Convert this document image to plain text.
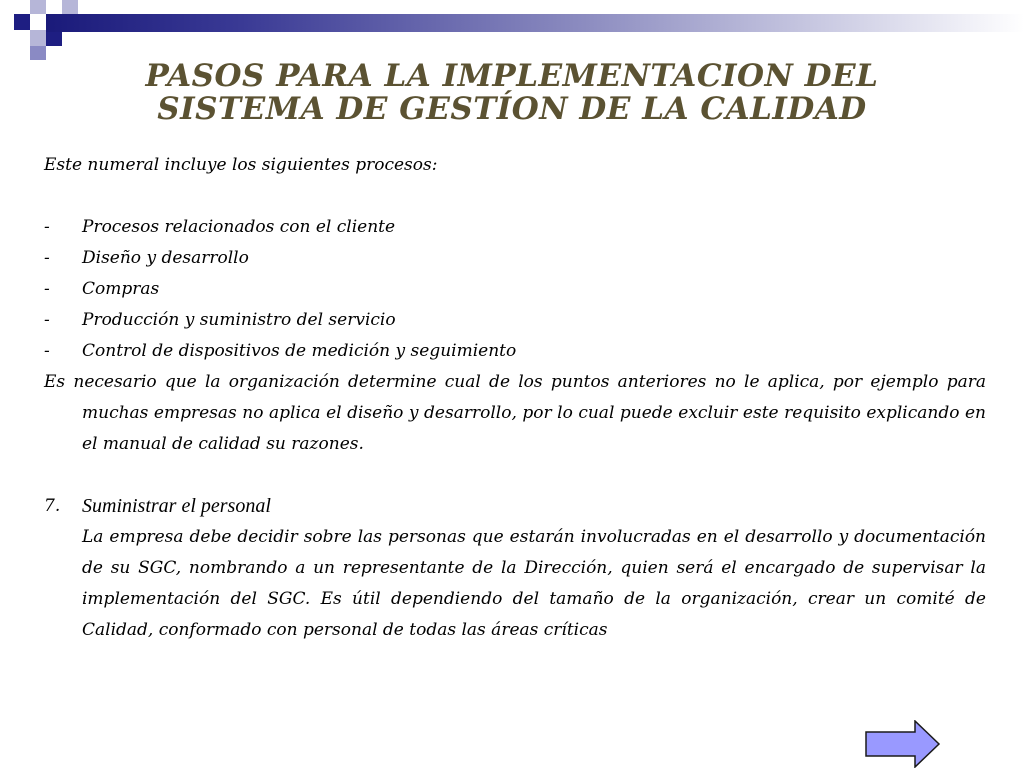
PASOS PARA LA IMPLEMENTACION DEL
SISTEMA DE GESTÍON DE LA CALIDAD

Este numeral incluye los siguientes procesos:

-	Procesos relacionados con el cliente
-	Diseño y desarrollo
-	Compras
-	Producción y suministro del servicio
-	Control de dispositivos de medición y seguimiento

Es necesario que la organización determine cual de los puntos anteriores no le aplica, por ejemplo para muchas empresas no aplica el diseño y desarrollo, por lo cual puede excluir este requisito explicando en el manual de calidad su razones.

7.	Suministrar el personal

La empresa debe decidir sobre las personas que estarán involucradas en el desarrollo y documentación de su SGC, nombrando a un representante de la Dirección, quien será el encargado de supervisar la implementación del SGC. Es útil dependiendo del tamaño de la organización, crear un comité de Calidad, conformado con personal de todas las áreas críticas
